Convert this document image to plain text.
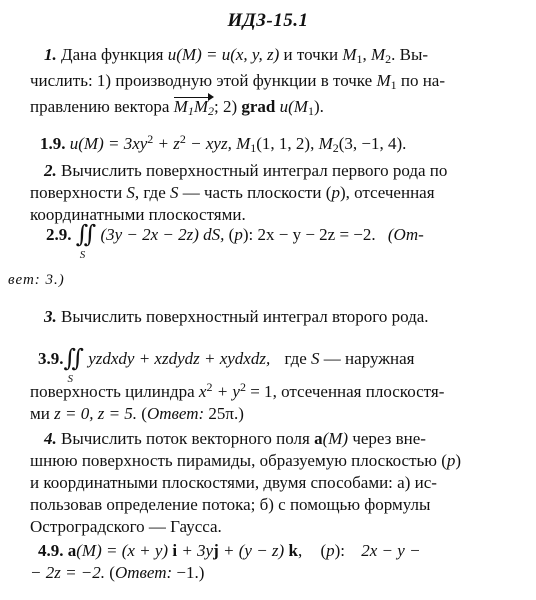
ИДЗ-15.1
1. Дана функция u(M) = u(x, y, z) и точки $M_1$, $M_2$. Вы-
числить: 1) производную этой функции в точке $M_1$ по на-
правлению вектора $M_1M_2$; 2) grad $u(M_1)$.
1.9. $u(M) = 3xy^2 + z^2$ − xyz, $M_1(1$, 1, 2), $M_2(3$, −1, 4).
2. Вычислить поверхностный интеграл первого рода по
поверхности S, где S — часть плоскости (p), отсеченная
координатными плоскостями.
2.9. ∬
S
(3y − 2x − 2z) dS, (p): 2x − y − 2z = −2. (От-
вет: 3.)
3. Вычислить поверхностный интеграл второго рода.
3.9.∬
S
yzdxdy + xzdydz + xydxdz, где S — наружная
поверхность цилиндра $x^2 + y^2 = 1$, отсеченная плоскостя-
ми z = 0, z = 5. (Ответ: 25π.)
4. Вычислить поток векторного поля a(M) через вне-
шнюю поверхность пирамиды, образуемую плоскостью (p)
и координатными плоскостями, двумя способами: а) ис-
пользовав определение потока; б) с помощью формулы
Остроградского — Гаусса.
4.9. a(M) = (x + y) i + 3yj + (y − z) k, (p): 2x − y −
− 2z = −2. (Ответ: −1.)
